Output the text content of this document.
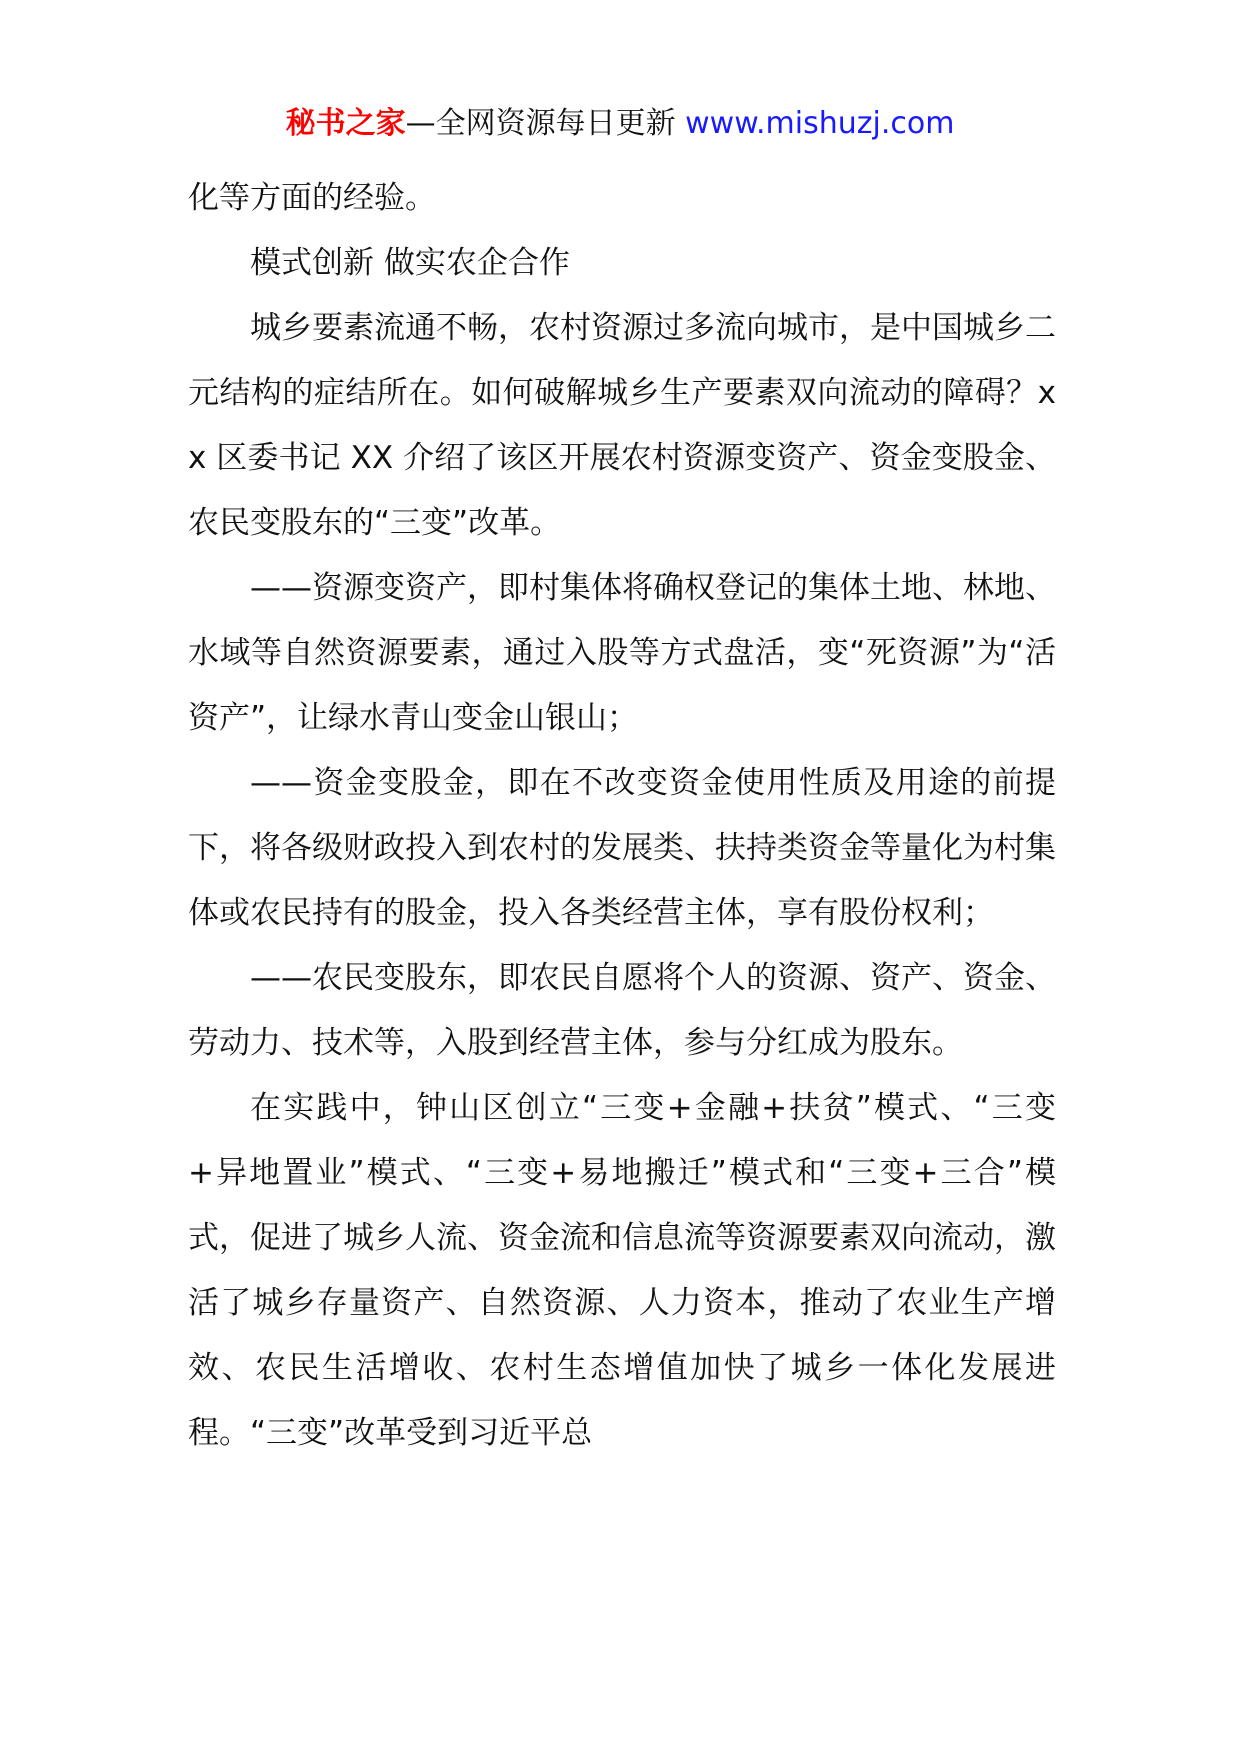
秘书之家—全网资源每日更新 www.mishuzj.com

化等方面的经验。

模式创新 做实农企合作

城乡要素流通不畅，农村资源过多流向城市，是中国城乡二元结构的症结所在。如何破解城乡生产要素双向流动的障碍？xx 区委书记 XX 介绍了该区开展农村资源变资产、资金变股金、农民变股东的“三变”改革。

——资源变资产，即村集体将确权登记的集体土地、林地、水域等自然资源要素，通过入股等方式盘活，变“死资源”为“活资产”，让绿水青山变金山银山；

——资金变股金，即在不改变资金使用性质及用途的前提下，将各级财政投入到农村的发展类、扶持类资金等量化为村集体或农民持有的股金，投入各类经营主体，享有股份权利；

——农民变股东，即农民自愿将个人的资源、资产、资金、劳动力、技术等，入股到经营主体，参与分红成为股东。

在实践中，钟山区创立“三变+金融+扶贫”模式、“三变+异地置业”模式、“三变+易地搬迁”模式和“三变+三合”模式，促进了城乡人流、资金流和信息流等资源要素双向流动，激活了城乡存量资产、自然资源、人力资本，推动了农业生产增效、农民生活增收、农村生态增值加快了城乡一体化发展进程。“三变”改革受到习近平总
